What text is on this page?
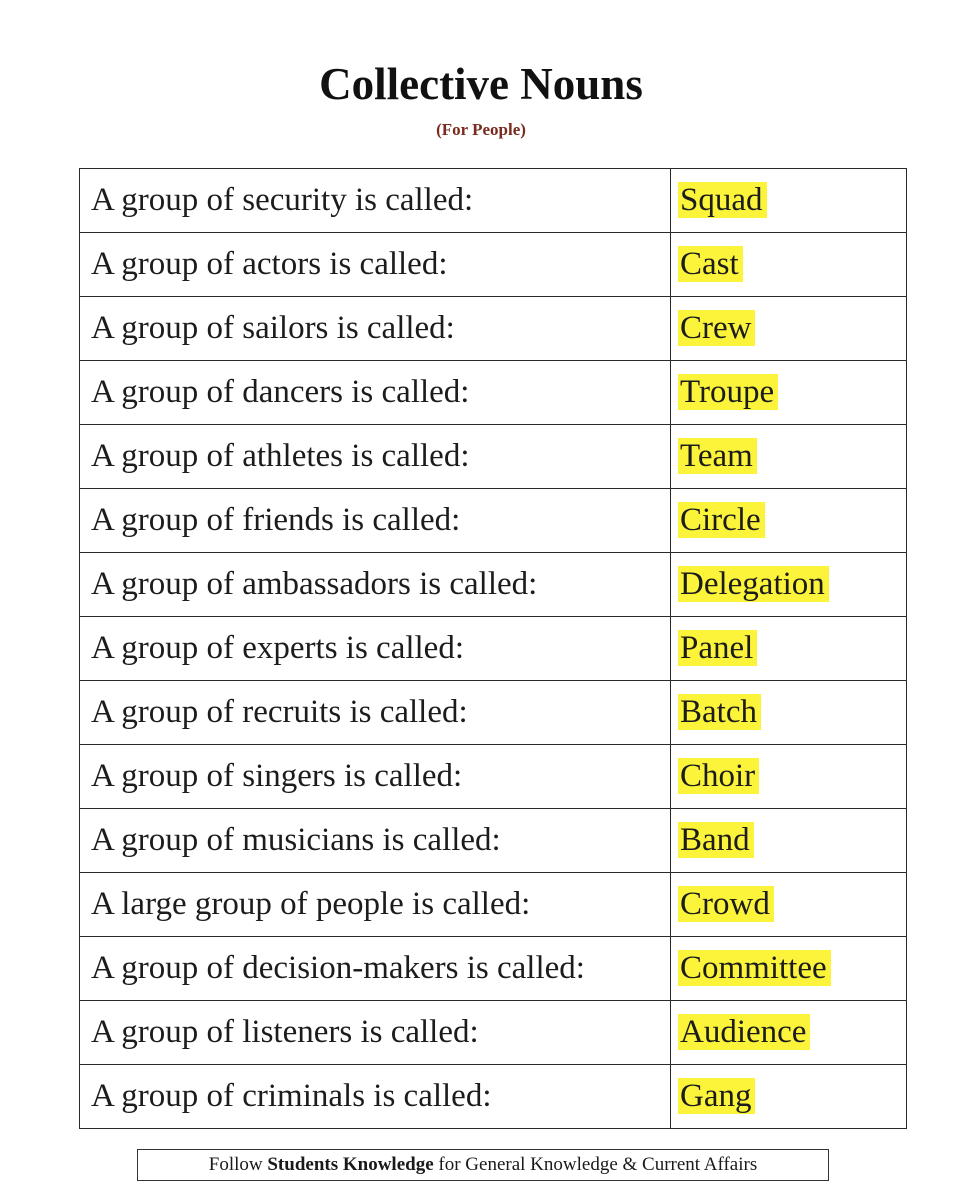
Collective Nouns
(For People)
A group of security is called:	Squad
A group of actors is called:	Cast
A group of sailors is called:	Crew
A group of dancers is called:	Troupe
A group of athletes is called:	Team
A group of friends is called:	Circle
A group of ambassadors is called:	Delegation
A group of experts is called:	Panel
A group of recruits is called:	Batch
A group of singers is called:	Choir
A group of musicians is called:	Band
A large group of people is called:	Crowd
A group of decision-makers is called:	Committee
A group of listeners is called:	Audience
A group of criminals is called:	Gang
Follow Students Knowledge for General Knowledge & Current Affairs
